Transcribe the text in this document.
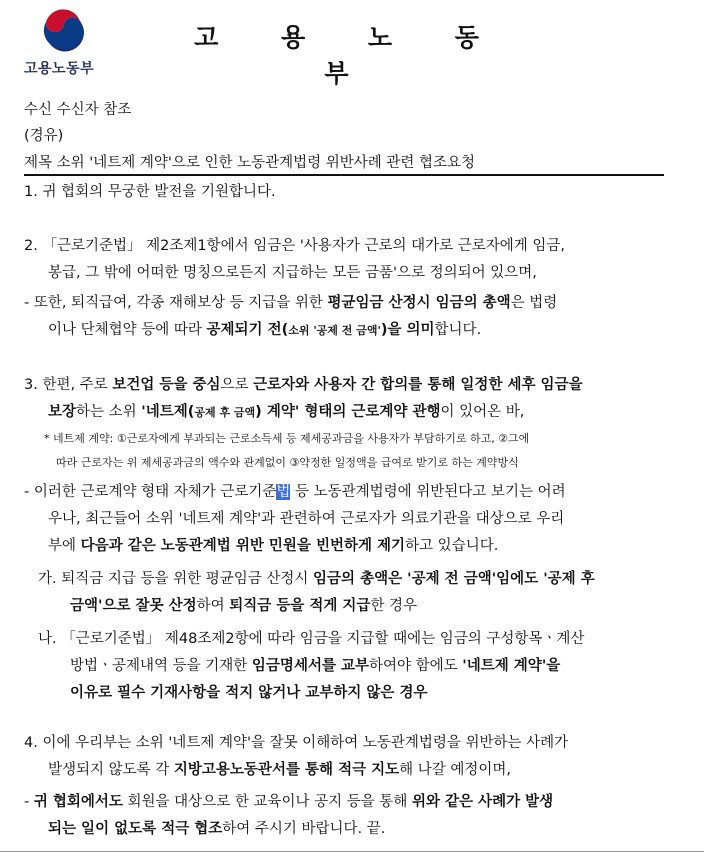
고용노동부
고 용 노 동 부
수신 수신자 참조
(경유)
제목 소위 '네트제 계약'으로 인한 노동관계법령 위반사례 관련 협조요청
1. 귀 협회의 무궁한 발전을 기원합니다.
2. 「근로기준법」 제2조제1항에서 임금은 '사용자가 근로의 대가로 근로자에게 임금,
봉급, 그 밖에 어떠한 명칭으로든지 지급하는 모든 금품'으로 정의되어 있으며,
- 또한, 퇴직급여, 각종 재해보상 등 지급을 위한 평균임금 산정시 임금의 총액은 법령
이나 단체협약 등에 따라 공제되기 전(소위 '공제 전 금액')을 의미합니다.
3. 한편, 주로 보건업 등을 중심으로 근로자와 사용자 간 합의를 통해 일정한 세후 임금을
보장하는 소위 '네트제(공제 후 금액) 계약' 형태의 근로계약 관행이 있어온 바,
* 네트제 계약: ①근로자에게 부과되는 근로소득세 등 제세공과금을 사용자가 부담하기로 하고, ②그에
따라 근로자는 위 제세공과금의 액수와 관계없이 ③약정한 일정액을 급여로 받기로 하는 계약방식
- 이러한 근로계약 형태 자체가 근로기준법 등 노동관계법령에 위반된다고 보기는 어려
우나, 최근들어 소위 '네트제 계약'과 관련하여 근로자가 의료기관을 대상으로 우리
부에 다음과 같은 노동관계법 위반 민원을 빈번하게 제기하고 있습니다.
가. 퇴직금 지급 등을 위한 평균임금 산정시 임금의 총액은 '공제 전 금액'임에도 '공제 후
금액'으로 잘못 산정하여 퇴직금 등을 적게 지급한 경우
나. 「근로기준법」 제48조제2항에 따라 임금을 지급할 때에는 임금의 구성항목ㆍ계산
방법ㆍ공제내역 등을 기재한 임금명세서를 교부하여야 함에도 '네트제 계약'을
이유로 필수 기재사항을 적지 않거나 교부하지 않은 경우
4. 이에 우리부는 소위 '네트제 계약'을 잘못 이해하여 노동관계법령을 위반하는 사례가
발생되지 않도록 각 지방고용노동관서를 통해 적극 지도해 나갈 예정이며,
- 귀 협회에서도 회원을 대상으로 한 교육이나 공지 등을 통해 위와 같은 사례가 발생
되는 일이 없도록 적극 협조하여 주시기 바랍니다. 끝.
